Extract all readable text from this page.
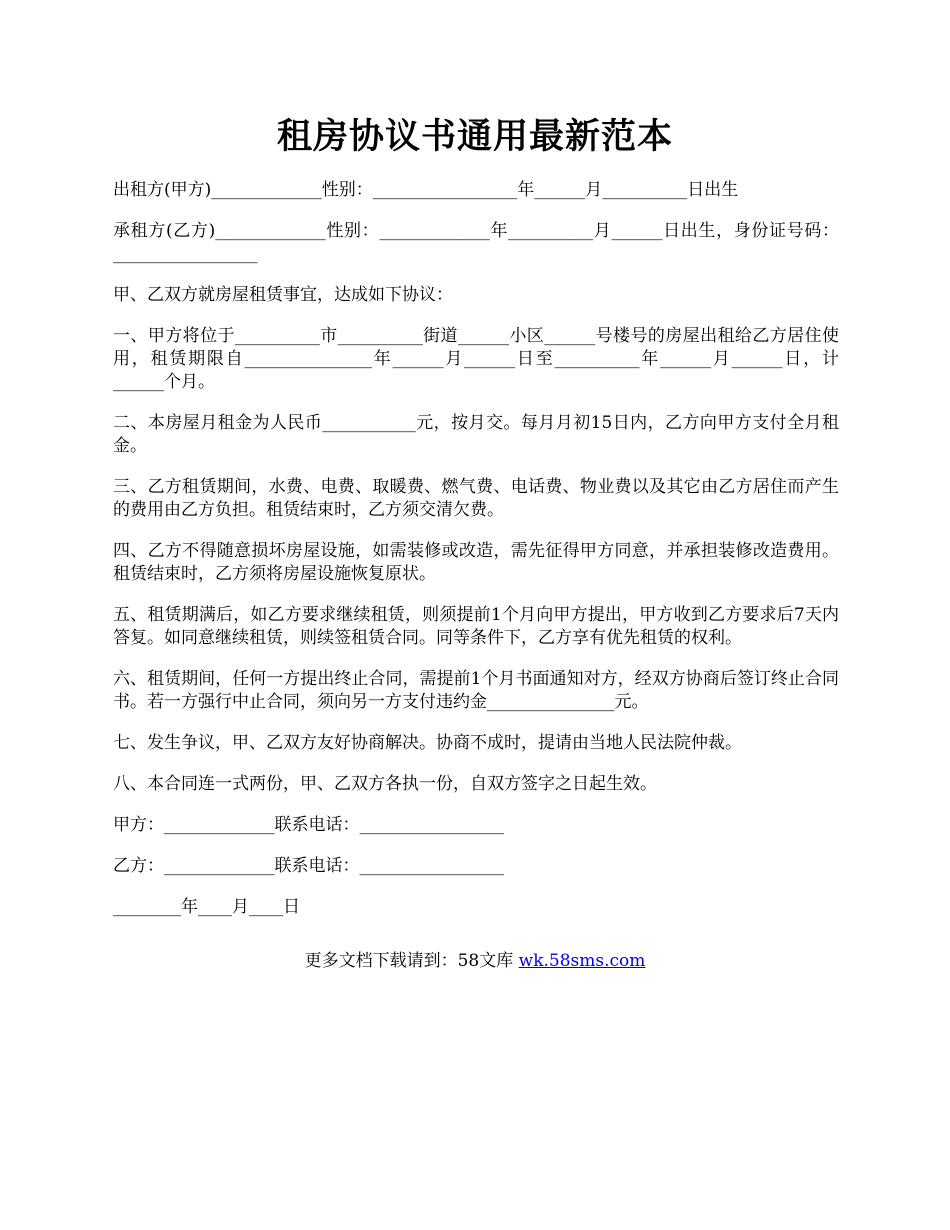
租房协议书通用最新范本

出租方(甲方)_____________性别：_________________年______月__________日出生

承租方(乙方)_____________性别：_____________年__________月______日出生，身份证号码：_________________

甲、乙双方就房屋租赁事宜，达成如下协议：

一、甲方将位于__________市__________街道______小区______号楼号的房屋出租给乙方居住使用，租赁期限自_______________年______月______日至__________年______月______日，计______个月。

二、本房屋月租金为人民币___________元，按月交。每月月初15日内，乙方向甲方支付全月租金。

三、乙方租赁期间，水费、电费、取暖费、燃气费、电话费、物业费以及其它由乙方居住而产生的费用由乙方负担。租赁结束时，乙方须交清欠费。

四、乙方不得随意损坏房屋设施，如需装修或改造，需先征得甲方同意，并承担装修改造费用。租赁结束时，乙方须将房屋设施恢复原状。

五、租赁期满后，如乙方要求继续租赁，则须提前1个月向甲方提出，甲方收到乙方要求后7天内答复。如同意继续租赁，则续签租赁合同。同等条件下，乙方享有优先租赁的权利。

六、租赁期间，任何一方提出终止合同，需提前1个月书面通知对方，经双方协商后签订终止合同书。若一方强行中止合同，须向另一方支付违约金_______________元。

七、发生争议，甲、乙双方友好协商解决。协商不成时，提请由当地人民法院仲裁。

八、本合同连一式两份，甲、乙双方各执一份，自双方签字之日起生效。

甲方：_____________联系电话：_________________

乙方：_____________联系电话：_________________

________年____月____日

更多文档下载请到：58文库 wk.58sms.com
